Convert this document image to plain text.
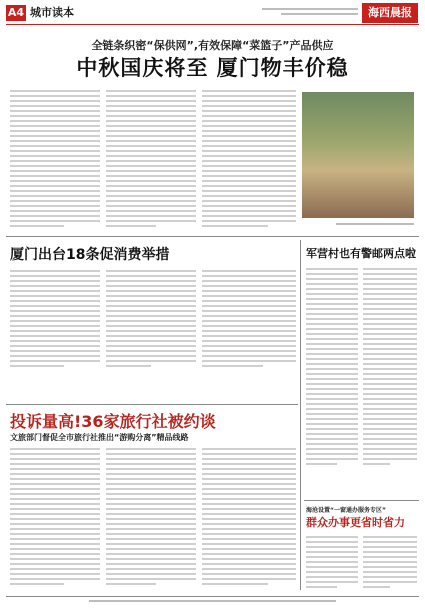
A4 城市读本	海西晨报
全链条织密“保供网”,有效保障“菜篮子”产品供应
中秋国庆将至 厦门物丰价稳
厦门出台18条促消费举措	军营村也有警邮两点啦
投诉量高!36家旅行社被约谈
文旅部门督促全市旅行社推出“游购分离”精品线路
海沧设置“一窗通办服务专区”
群众办事更省时省力
